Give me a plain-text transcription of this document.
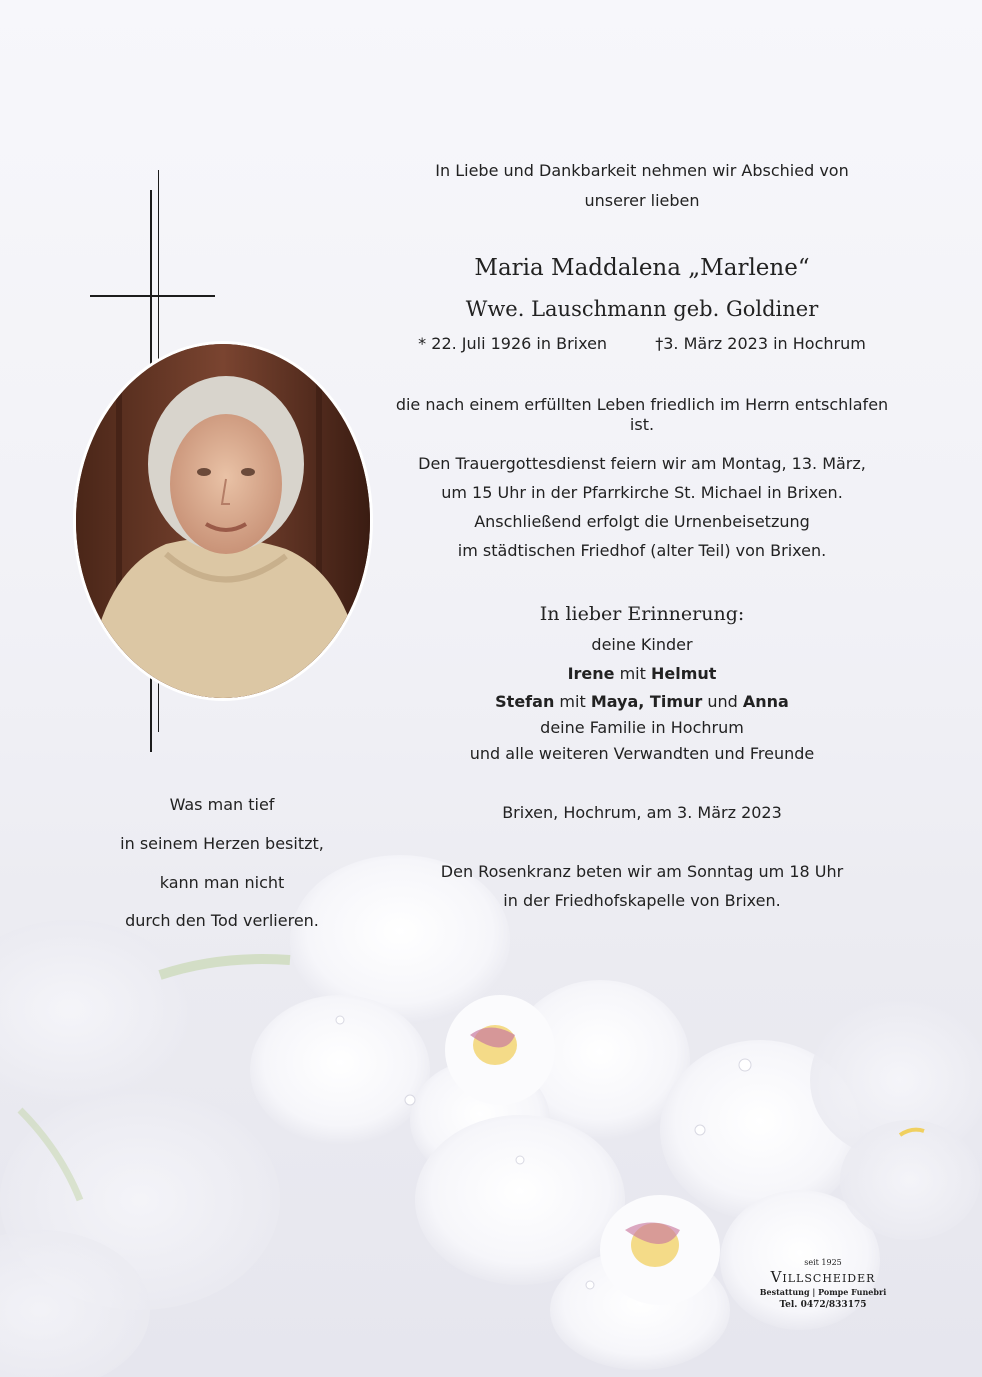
In Liebe und Dankbarkeit nehmen wir Abschied von
unserer lieben
Maria Maddalena „Marlene“
Wwe. Lauschmann geb. Goldiner
* 22. Juli 1926 in Brixen	†3. März 2023 in Hochrum
die nach einem erfüllten Leben friedlich im Herrn entschlafen ist.
Den Trauergottesdienst feiern wir am Montag, 13. März,
um 15 Uhr in der Pfarrkirche St. Michael in Brixen.
Anschließend erfolgt die Urnenbeisetzung
im städtischen Friedhof (alter Teil) von Brixen.
In lieber Erinnerung:
deine Kinder
Irene mit Helmut
Stefan mit Maya, Timur und Anna
deine Familie in Hochrum
und alle weiteren Verwandten und Freunde
Brixen, Hochrum, am 3. März 2023
Den Rosenkranz beten wir am Sonntag um 18 Uhr
in der Friedhofskapelle von Brixen.
Was man tief
in seinem Herzen besitzt,
kann man nicht
durch den Tod verlieren.
seit 1925
Villscheider
Bestattung | Pompe Funebri
Tel. 0472/833175
